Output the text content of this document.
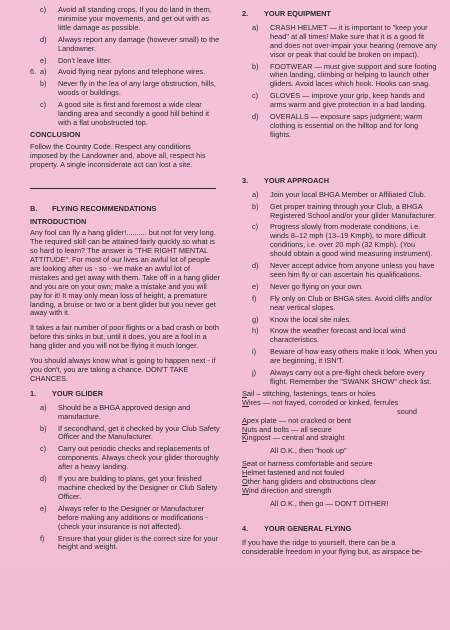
c)	Avoid all standing crops. If you do land in them, minimise your movements, and get out with as little damage as possible.
d)	Always report any damage (however small) to the Landowner.
e)	Don't leave litter.
6. a)	Avoid flying near pylons and telephone wires.
b)	Never fly in the lea of any large obstruction, hills, woods or buildings.
c)	A good site is first and foremost a wide clear landing area and secondly a good hill behind it with a flat unobstructed top.
CONCLUSION
Follow the Country Code. Respect any conditions imposed by the Landowner and, above all, respect his property. A single inconsiderate act can lost a site.
B.	FLYING RECOMMENDATIONS
INTRODUCTION
Any fool can fly a hang glider!.......... but not for very long. The required skill can be attained fairly quickly so what is so hard to learn? The answer is "THE RIGHT MENTAL ATTITUDE". For most of our lives an awful lot of people are looking after us - so - we make an awful lot of mistakes and get away with them. Take off in a hang glider and you are on your own; make a mistake and you will pay for it! It may only mean loss of height, a premature landing, a bruise or two or a bent glider but you never get away with it.
It takes a fair number of poor flights or a bad crash or both before this sinks in but, until it does, you are a fool in a hang glider and you will not be flying it much longer.
You should always know what is going to happen next - if you don't, you are taking a chance. DON'T TAKE CHANCES.
1.	YOUR GLIDER
a)	Should be a BHGA approved design and manufacture.
b)	If secondhand, get it checked by your Club Safety Officer and the Manufacturer.
c)	Carry out periodic checks and replacements of components. Always check your glider thoroughly after a heavy landing.
d)	If you are building to plans, get your finished machine checked by the Designer or Club Safety Officer.
e)	Always refer to the Designer or Manufacturer before making any additions or modifications - (check your insurance is not affected).
f)	Ensure that your glider is the correct size for your height and weight.
2.	YOUR EQUIPMENT
a)	CRASH HELMET — it is important to "keep your head" at all times! Make sure that it is a good fit and does not over-impair your hearing (remove any visor or peak that could be broken on impact).
b)	FOOTWEAR — must give support and sure footing when landing, climbing or helping to launch other gliders. Avoid laces which hook. Hooks can snag.
c)	GLOVES — improve your grip, keep hands and arms warm and give protection in a bad landing.
d)	OVERALLS — exposure saps judgment; warm clothing is essential on the hilltop and for long flights.
3.	YOUR APPROACH
a)	Join your local BHGA Member or Affiliated Club.
b)	Get proper training through your Club, a BHGA Registered School and/or your glider Manufacturer.
c)	Progress slowly from moderate conditions, i.e. winds 8–12 mph (13–19 Kmph), to more difficult conditions, i.e. over 20 mph (32 Kmph). (You should obtain a good wind measuring instrument).
d)	Never accept advice from anyone unless you have seen him fly or can ascertain his qualifications.
e)	Never go flying on your own.
f)	Fly only on Club or BHGA sites. Avoid cliffs and/or near vertical slopes.
g)	Know the local site rules.
h)	Know the weather forecast and local wind characteristics.
i)	Beware of how easy others make it look. When you are beginning, it ISN'T.
j)	Always carry out a pre-flight check before every flight. Remember the "SWANK SHOW" check list.
Sail – stitching, fastenings, tears or holes
Wires — not frayed, corroded or kinked, ferrules
sound
Apex plate — not cracked or bent
Nuts and bolts — all secure
Kingpost — central and straight
All O.K., then "hook up"
Seat or harness comfortable and secure
Helmet fastened and not fouled
Other hang gliders and obstructions clear
Wind direction and strength
All O.K., then go — DON'T DITHER!
4.	YOUR GENERAL FLYING
If you have the ridge to yourself, there can be a considerable freedom in your flying but, as airspace be-
